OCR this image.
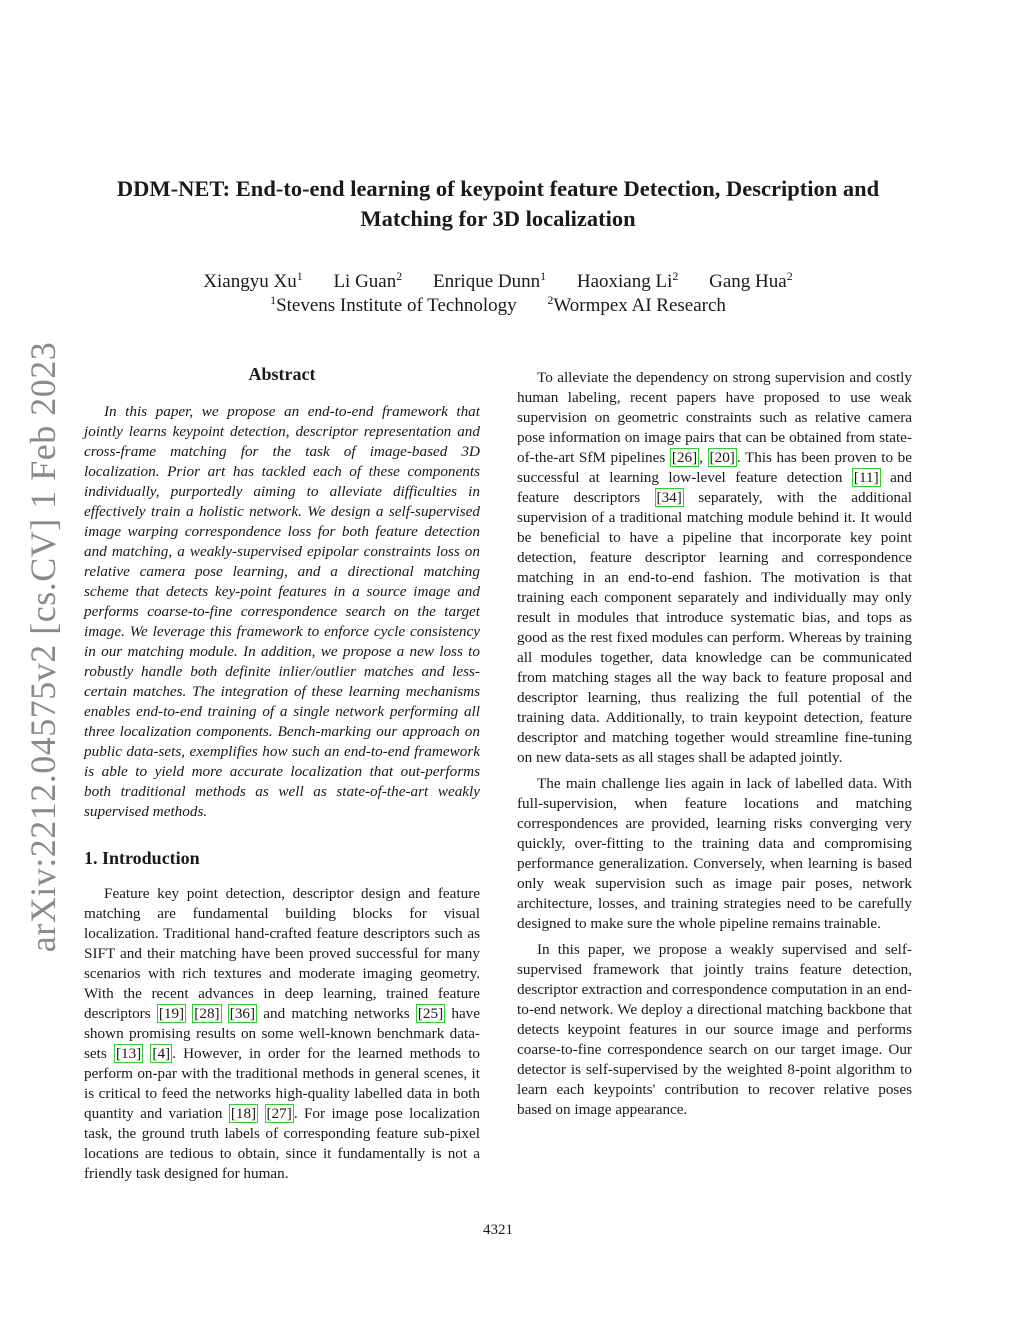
arXiv:2212.04575v2 [cs.CV] 1 Feb 2023
DDM-NET: End-to-end learning of keypoint feature Detection, Description and
Matching for 3D localization
Xiangyu Xu$^1$ Li Guan$^2$ Enrique Dunn$^1$ Haoxiang Li$^2$ Gang Hua$^2$
$^1$Stevens Institute of Technology	$^2$Wormpex AI Research
Abstract

In this paper, we propose an end-to-end framework that jointly learns keypoint detection, descriptor representation and cross-frame matching for the task of image-based 3D localization. Prior art has tackled each of these components individually, purportedly aiming to alleviate difficulties in effectively train a holistic network. We design a self-supervised image warping correspondence loss for both feature detection and matching, a weakly-supervised epipolar constraints loss on relative camera pose learning, and a directional matching scheme that detects key-point features in a source image and performs coarse-to-fine correspondence search on the target image. We leverage this framework to enforce cycle consistency in our matching module. In addition, we propose a new loss to robustly handle both definite inlier/outlier matches and less-certain matches. The integration of these learning mechanisms enables end-to-end training of a single network performing all three localization components. Bench-marking our approach on public data-sets, exemplifies how such an end-to-end framework is able to yield more accurate localization that out-performs both traditional methods as well as state-of-the-art weakly supervised methods.

1. Introduction

Feature key point detection, descriptor design and feature matching are fundamental building blocks for visual localization. Traditional hand-crafted feature descriptors such as SIFT and their matching have been proved successful for many scenarios with rich textures and moderate imaging geometry. With the recent advances in deep learning, trained feature descriptors [19] [28] [36] and matching networks [25] have shown promising results on some well-known benchmark data-sets [13] [4] . However, in order for the learned methods to perform on-par with the traditional methods in general scenes, it is critical to feed the networks high-quality labelled data in both quantity and variation [18] [27] . For image pose localization task, the ground truth labels of corresponding feature sub-pixel locations are tedious to obtain, since it fundamentally is not a friendly task designed for human.

To alleviate the dependency on strong supervision and costly human labeling, recent papers have proposed to use weak supervision on geometric constraints such as relative camera pose information on image pairs that can be obtained from state-of-the-art SfM pipelines [26] , [20] . This has been proven to be successful at learning low-level feature detection [11] and feature descriptors [34] separately, with the additional supervision of a traditional matching module behind it. It would be beneficial to have a pipeline that incorporate key point detection, feature descriptor learning and correspondence matching in an end-to-end fashion. The motivation is that training each component separately and individually may only result in modules that introduce systematic bias, and tops as good as the rest fixed modules can perform. Whereas by training all modules together, data knowledge can be communicated from matching stages all the way back to feature proposal and descriptor learning, thus realizing the full potential of the training data. Additionally, to train keypoint detection, feature descriptor and matching together would streamline fine-tuning on new data-sets as all stages shall be adapted jointly.

The main challenge lies again in lack of labelled data. With full-supervision, when feature locations and matching correspondences are provided, learning risks converging very quickly, over-fitting to the training data and compromising performance generalization. Conversely, when learning is based only weak supervision such as image pair poses, network architecture, losses, and training strategies need to be carefully designed to make sure the whole pipeline remains trainable.

In this paper, we propose a weakly supervised and self-supervised framework that jointly trains feature detection, descriptor extraction and correspondence computation in an end-to-end network. We deploy a directional matching backbone that detects keypoint features in our source image and performs coarse-to-fine correspondence search on our target image. Our detector is self-supervised by the weighted 8-point algorithm to learn each keypoints' contribution to recover relative poses based on image appearance.

4321
